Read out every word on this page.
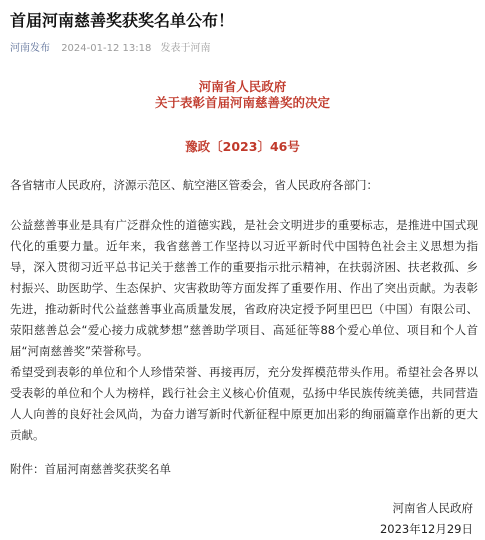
首届河南慈善奖获奖名单公布！
河南发布 2024-01-12 13:18 发表于河南
河南省人民政府
关于表彰首届河南慈善奖的决定
豫政〔2023〕46号

各省辖市人民政府，济源示范区、航空港区管委会，省人民政府各部门：

公益慈善事业是具有广泛群众性的道德实践，是社会文明进步的重要标志，是推进中国式现代化的重要力量。近年来，我省慈善工作坚持以习近平新时代中国特色社会主义思想为指导，深入贯彻习近平总书记关于慈善工作的重要指示批示精神，在扶弱济困、扶老救孤、乡村振兴、助医助学、生态保护、灾害救助等方面发挥了重要作用、作出了突出贡献。为表彰先进，推动新时代公益慈善事业高质量发展，省政府决定授予阿里巴巴（中国）有限公司、荥阳慈善总会“爱心接力成就梦想”慈善助学项目、高延征等88个爱心单位、项目和个人首届“河南慈善奖”荣誉称号。

希望受到表彰的单位和个人珍惜荣誉、再接再厉，充分发挥模范带头作用。希望社会各界以受表彰的单位和个人为榜样，践行社会主义核心价值观，弘扬中华民族传统美德，共同营造人人向善的良好社会风尚，为奋力谱写新时代新征程中原更加出彩的绚丽篇章作出新的更大贡献。

附件：首届河南慈善奖获奖名单
河南省人民政府
2023年12月29日
